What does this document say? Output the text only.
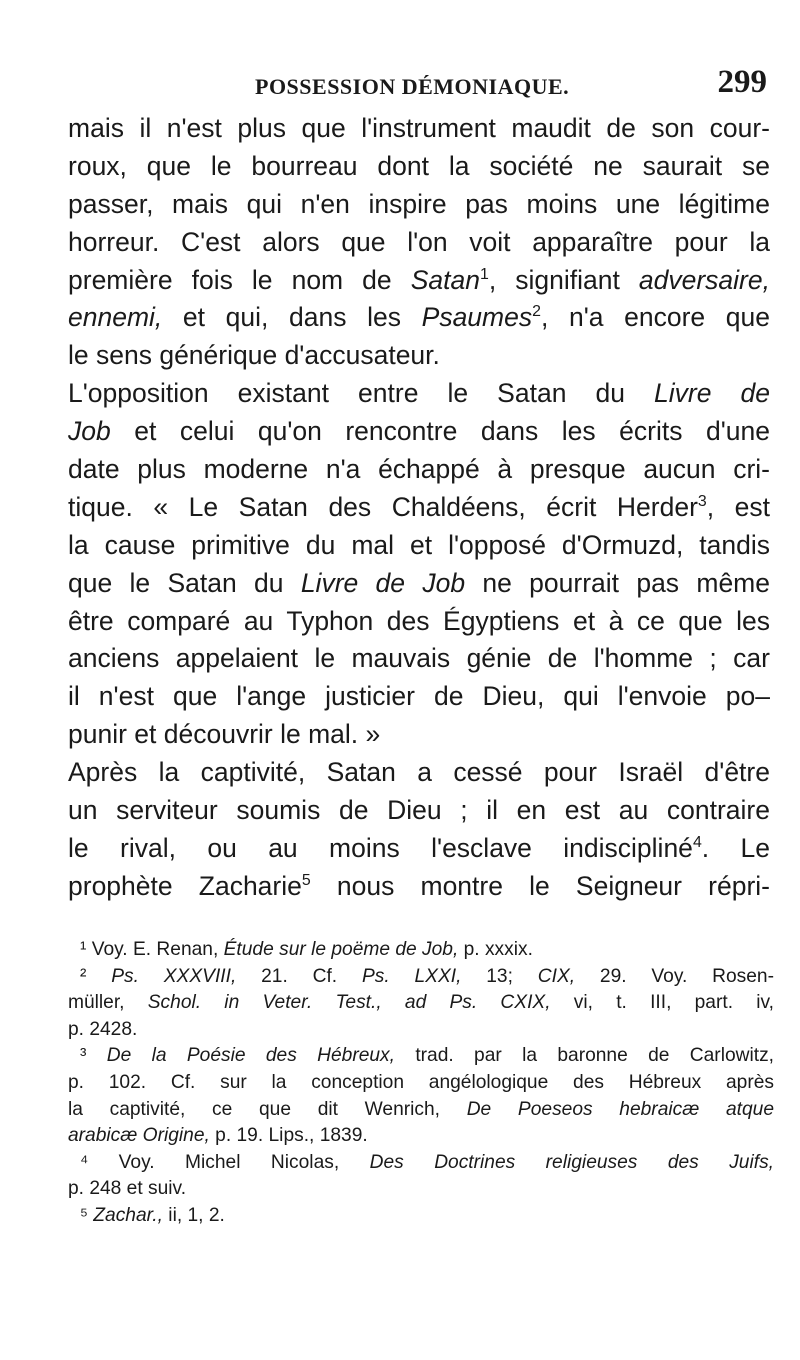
POSSESSION DÉMONIAQUE.	299
mais il n'est plus que l'instrument maudit de son cour-
roux, que le bourreau dont la société ne saurait se
passer, mais qui n'en inspire pas moins une légitime
horreur. C'est alors que l'on voit apparaître pour la
première fois le nom de Satan$^1$, signifiant adversaire,
ennemi, et qui, dans les Psaumes$^2$, n'a encore que
le sens générique d'accusateur.
L'opposition existant entre le Satan du Livre de
Job et celui qu'on rencontre dans les écrits d'une
date plus moderne n'a échappé à presque aucun cri-
tique. « Le Satan des Chaldéens, écrit Herder$^3$, est
la cause primitive du mal et l'opposé d'Ormuzd, tandis
que le Satan du Livre de Job ne pourrait pas même
être comparé au Typhon des Égyptiens et à ce que les
anciens appelaient le mauvais génie de l'homme ; car
il n'est que l'ange justicier de Dieu, qui l'envoie po–
punir et découvrir le mal. »
Après la captivité, Satan a cessé pour Israël d'être
un serviteur soumis de Dieu ; il en est au contraire
le rival, ou au moins l'esclave indiscipliné$^4$. Le
prophète Zacharie$^5$ nous montre le Seigneur répri-
¹ Voy. E. Renan, Étude sur le poëme de Job, p. xxxix.
² Ps. XXXVIII, 21. Cf. Ps. LXXI, 13; CIX, 29. Voy. Rosen-
müller, Schol. in Veter. Test., ad Ps. CXIX, vi, t. III, part. iv,
p. 2428.
³ De la Poésie des Hébreux, trad. par la baronne de Carlowitz,
p. 102. Cf. sur la conception angélologique des Hébreux après
la captivité, ce que dit Wenrich, De Poeseos hebraicæ atque
arabicæ Origine, p. 19. Lips., 1839.
⁴ Voy. Michel Nicolas, Des Doctrines religieuses des Juifs,
p. 248 et suiv.
⁵ Zachar., ii, 1, 2.
